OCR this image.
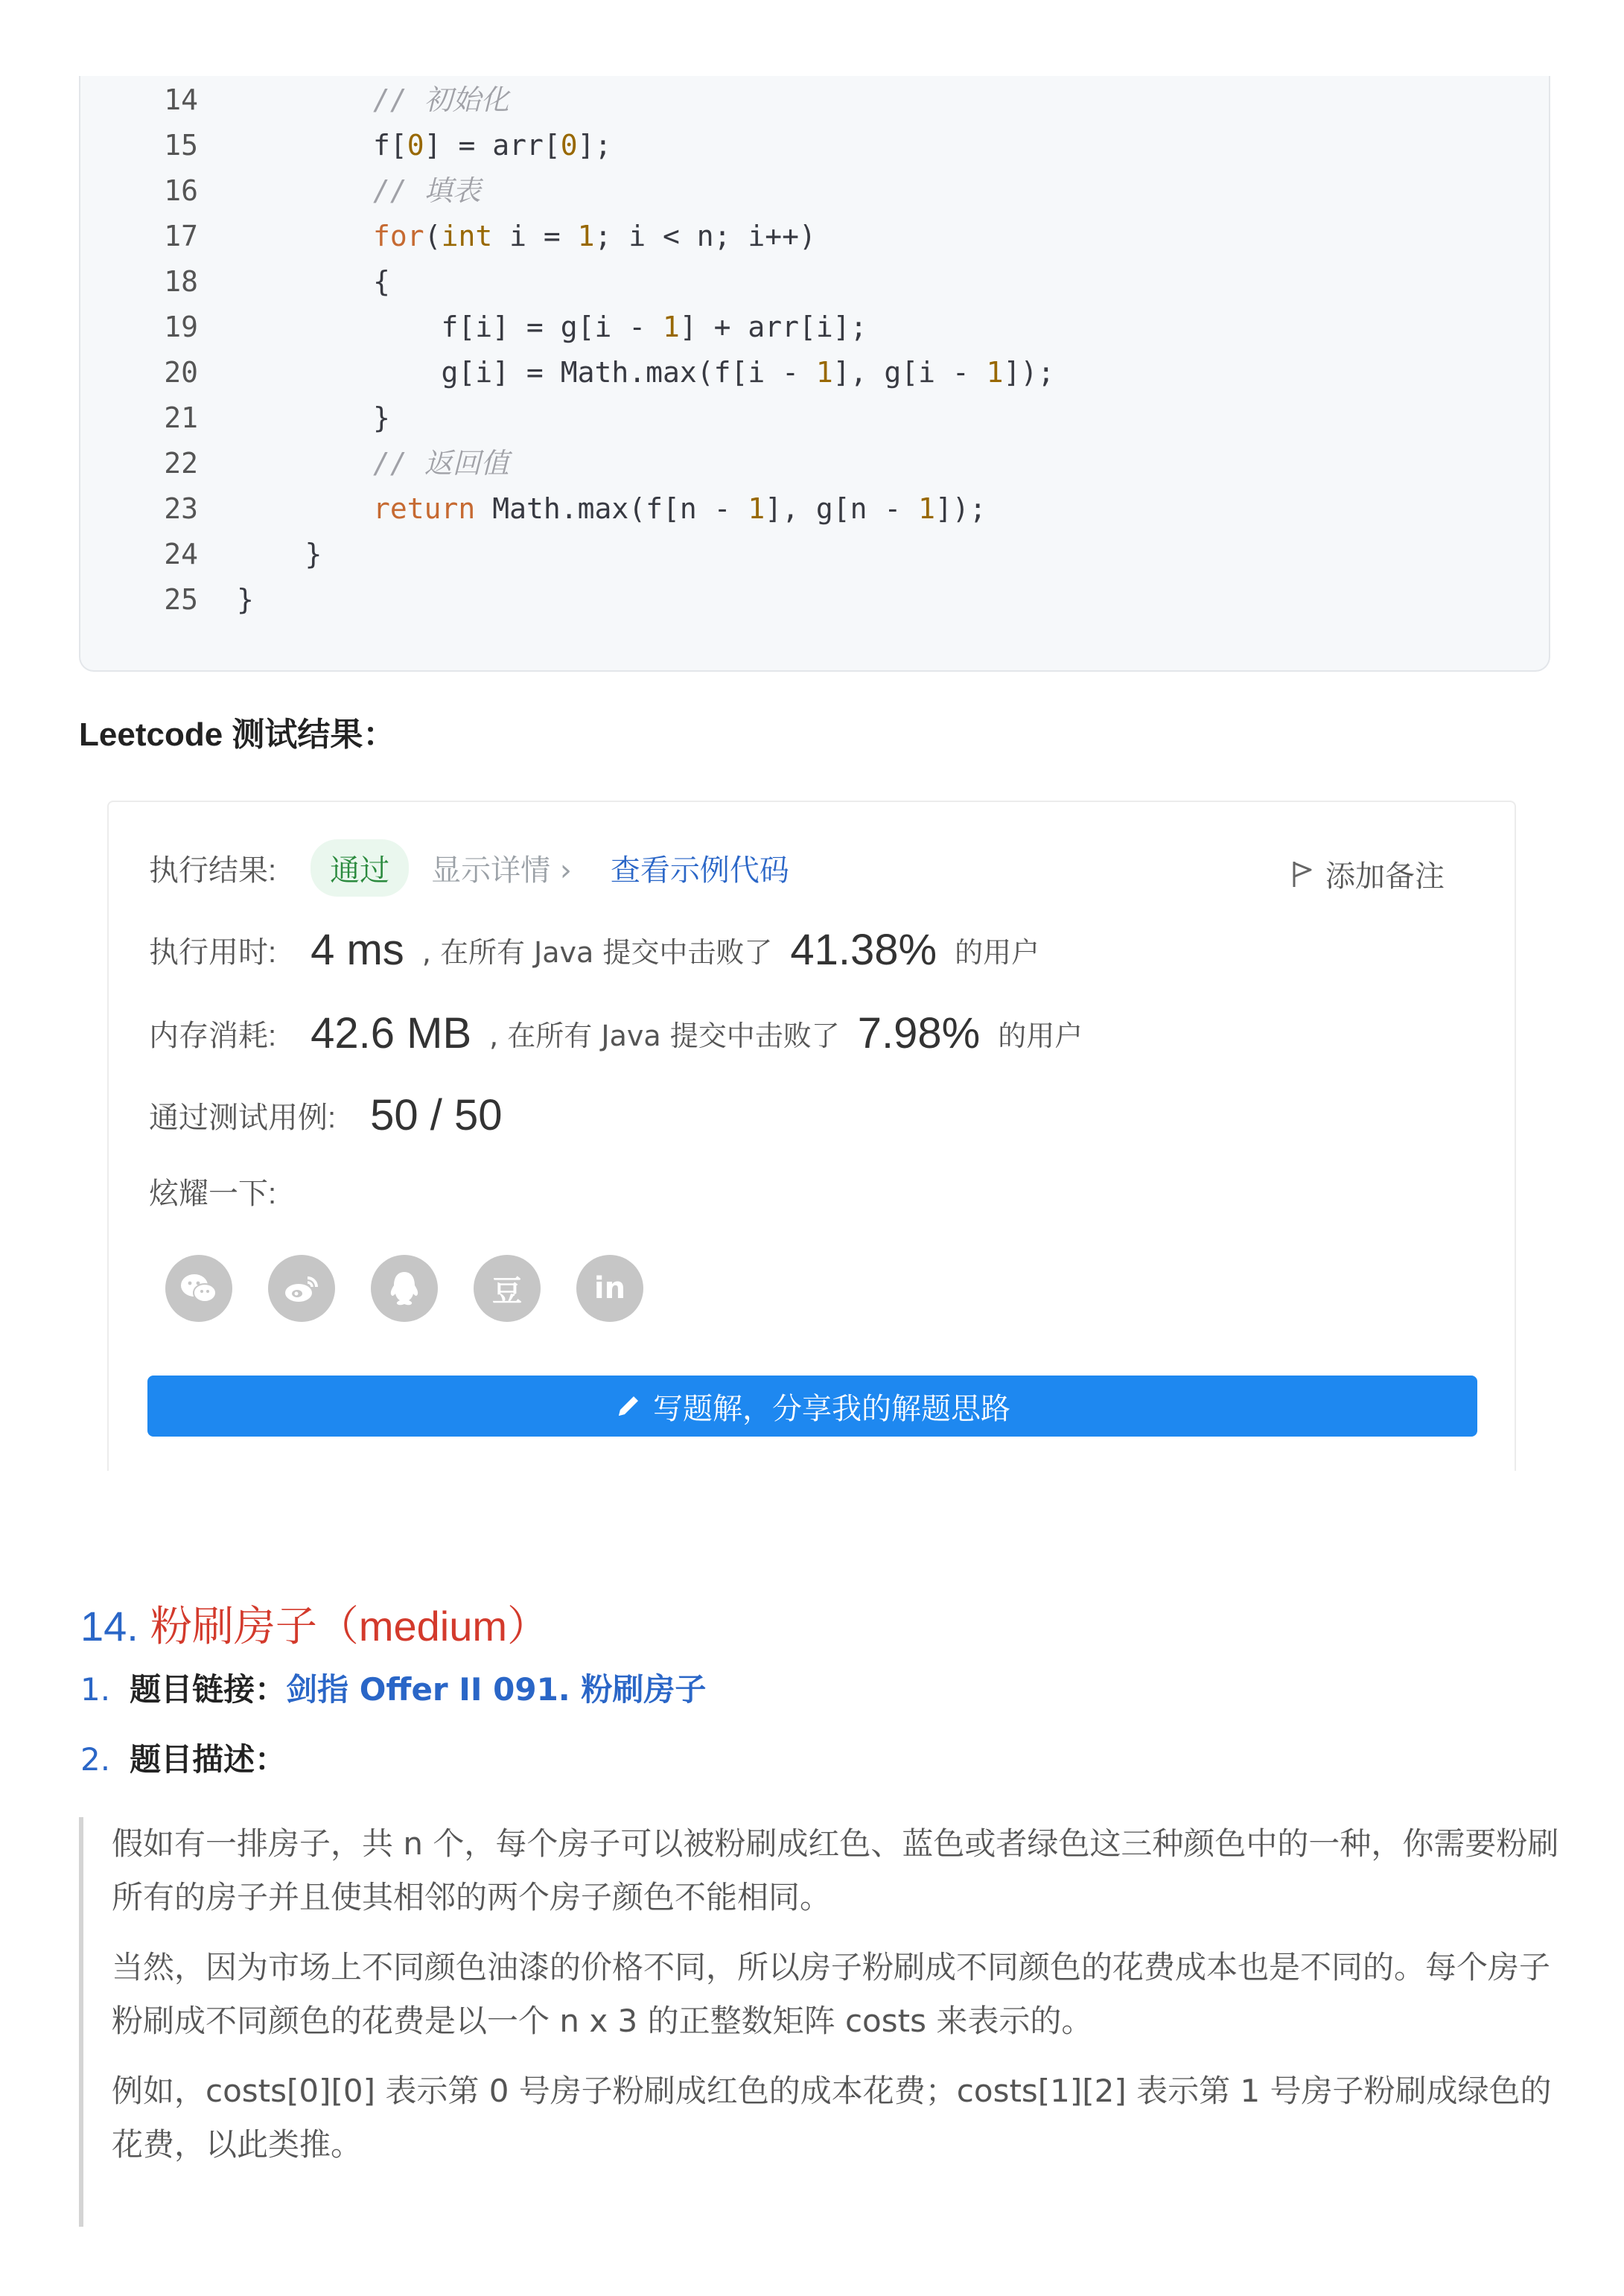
14	// 初始化
15	f[0] = arr[0];
16	// 填表
17	for(int i = 1; i < n; i++)
18	{
19	f[i] = g[i - 1] + arr[i];
20	g[i] = Math.max(f[i - 1], g[i - 1]);
21	}
22	// 返回值
23	return Math.max(f[n - 1], g[n - 1]);
24	}
25 }
Leetcode 测试结果：
执行结果:	通过	显示详情 › 查看示例代码	添加备注
执行用时: 4 ms , 在所有 Java 提交中击败了 41.38% 的用户
内存消耗: 42.6 MB , 在所有 Java 提交中击败了 7.98% 的用户
通过测试用例: 50 / 50
炫耀一下:
豆	in
写题解，分享我的解题思路
14. 粉刷房子（medium）
1. 题目链接：剑指 Offer II 091. 粉刷房子
2. 题目描述：

假如有一排房子，共 n 个，每个房子可以被粉刷成红色、蓝色或者绿色这三种颜色中的一种，你需要粉刷所有的房子并且使其相邻的两个房子颜色不能相同。

当然，因为市场上不同颜色油漆的价格不同，所以房子粉刷成不同颜色的花费成本也是不同的。每个房子粉刷成不同颜色的花费是以一个 n x 3 的正整数矩阵 costs 来表示的。

例如，costs[0][0] 表示第 0 号房子粉刷成红色的成本花费；costs[1][2] 表示第 1 号房子粉刷成绿色的花费，以此类推。
